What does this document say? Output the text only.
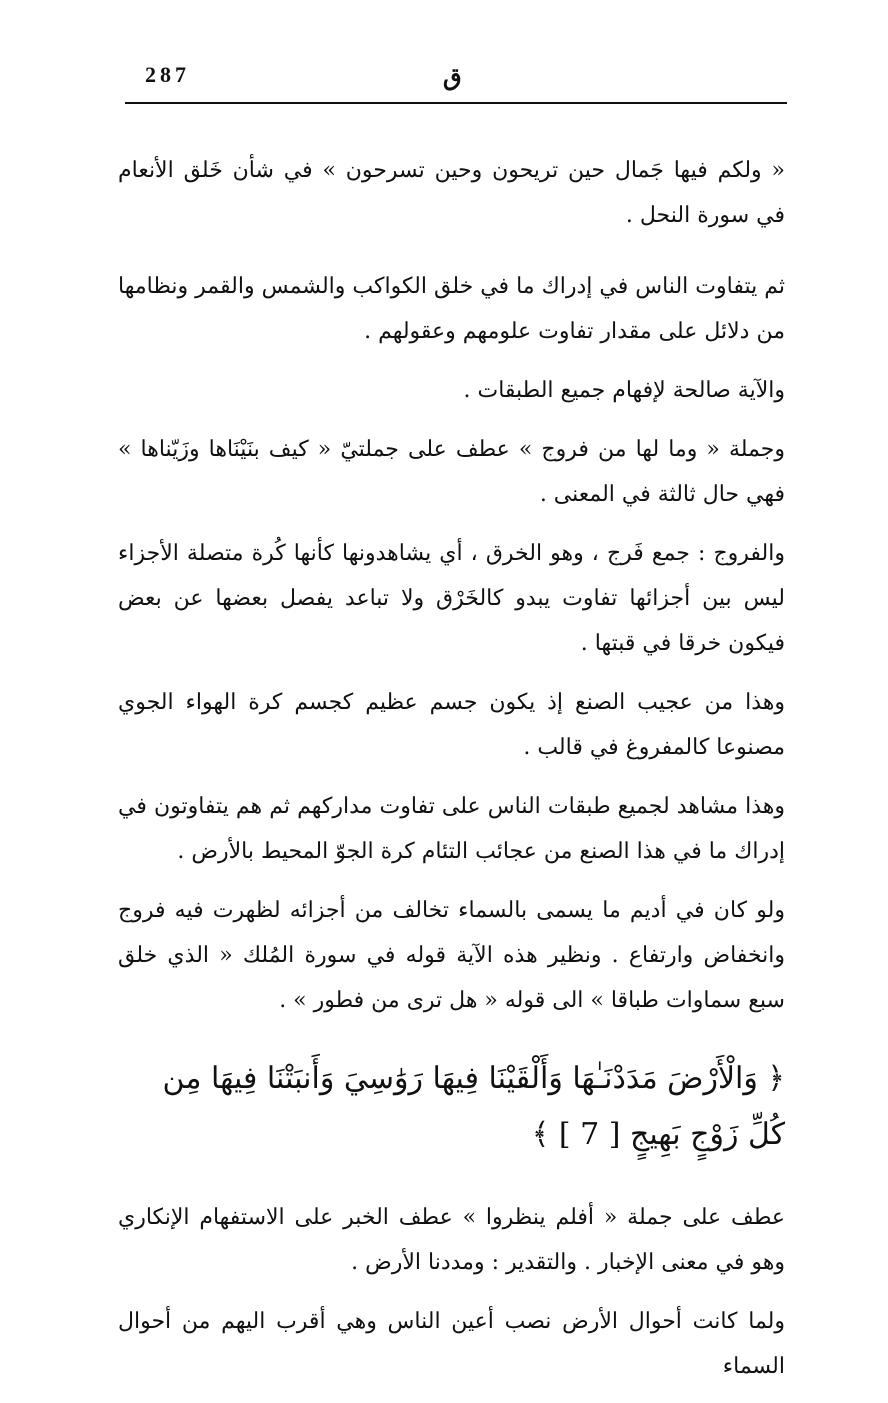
287	ق

« ولكم فيها جَمال حين تريحون وحين تسرحون » في شأن خَلق الأنعام في سورة النحل .

ثم يتفاوت الناس في إدراك ما في خلق الكواكب والشمس والقمر ونظامها من دلائل على مقدار تفاوت علومهم وعقولهم .

والآية صالحة لإفهام جميع الطبقات .

وجملة « وما لها من فروج » عطف على جملتيّ « كيف بنَيْنَاها وزَيّناها » فهي حال ثالثة في المعنى .

والفروج : جمع فَرج ، وهو الخرق ، أي يشاهدونها كأنها كُرة متصلة الأجزاء ليس بين أجزائها تفاوت يبدو كالخَرْق ولا تباعد يفصل بعضها عن بعض فيكون خرقا في قبتها .

وهذا من عجيب الصنع إذ يكون جسم عظيم كجسم كرة الهواء الجوي مصنوعا كالمفروغ في قالب .

وهذا مشاهد لجميع طبقات الناس على تفاوت مداركهم ثم هم يتفاوتون في إدراك ما في هذا الصنع من عجائب التئام كرة الجوّ المحيط بالأرض .

ولو كان في أديم ما يسمى بالسماء تخالف من أجزائه لظهرت فيه فروج وانخفاض وارتفاع . ونظير هذه الآية قوله في سورة المُلك « الذي خلق سبع سماوات طباقا » الى قوله « هل ترى من فطور » .

﴿ وَالْأَرْضَ مَدَدْنَـٰهَا وَأَلْقَيْنَا فِيهَا رَوَٰسِيَ وَأَنبَتْنَا فِيهَا مِن كُلِّ زَوْجٍ بَهِيجٍ [ 7 ] ﴾

عطف على جملة « أفلم ينظروا » عطف الخبر على الاستفهام الإنكاري وهو في معنى الإخبار . والتقدير : ومددنا الأرض .

ولما كانت أحوال الأرض نصب أعين الناس وهي أقرب اليهم من أحوال السماء
